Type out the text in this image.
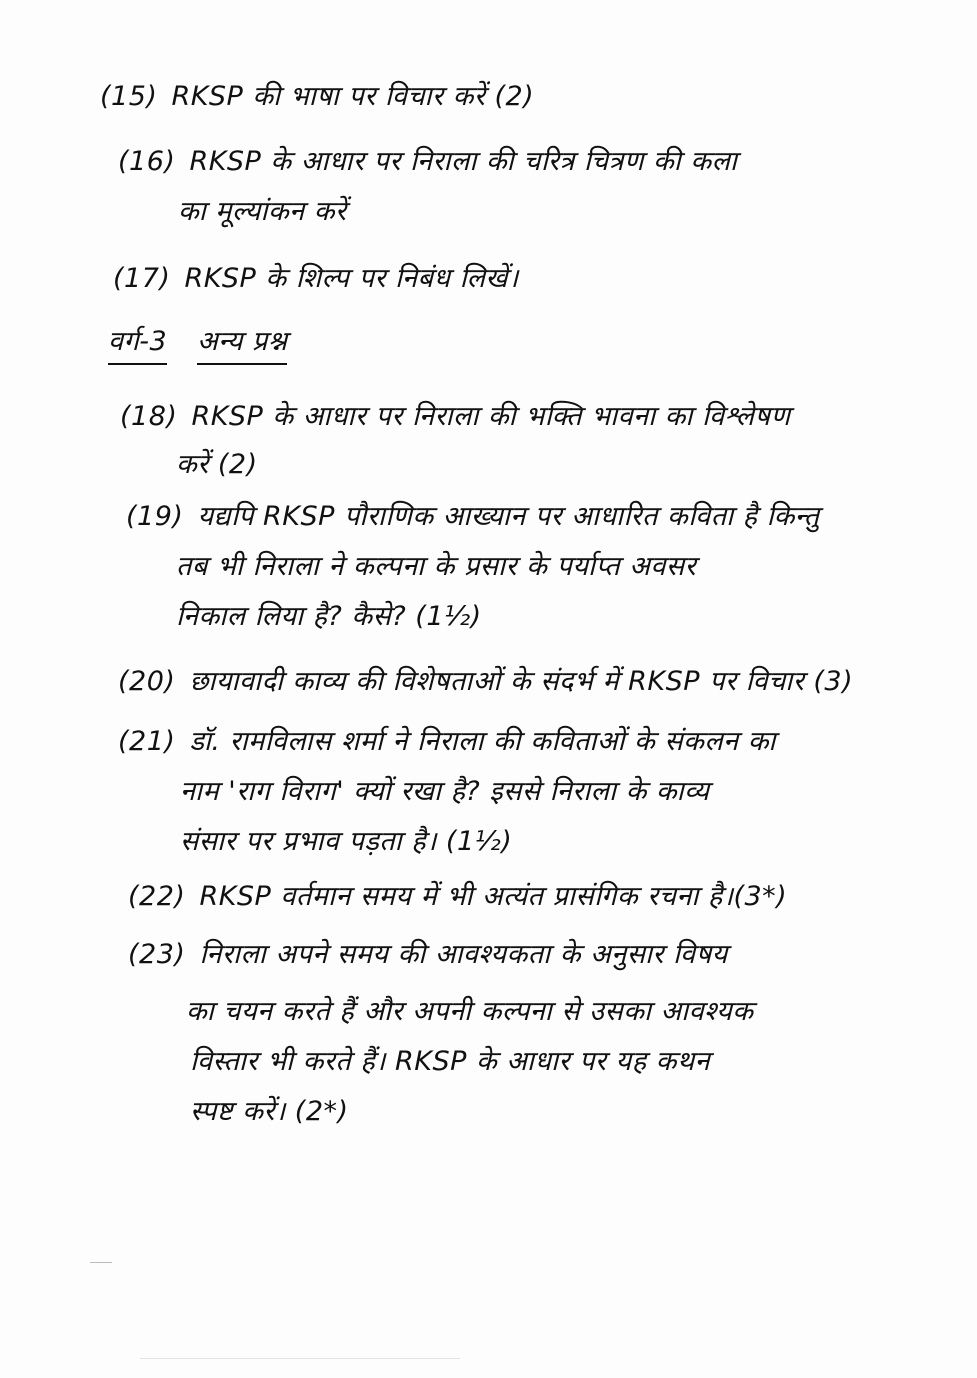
(15) RKSP की भाषा पर विचार करें (2)
(16) RKSP के आधार पर निराला की चरित्र चित्रण की कला
का मूल्यांकन करें
(17) RKSP के शिल्प पर निबंध लिखें।
वर्ग-3 अन्य प्रश्न
(18) RKSP के आधार पर निराला की भक्ति भावना का विश्लेषण
करें (2)
(19) यद्यपि RKSP पौराणिक आख्यान पर आधारित कविता है किन्तु
तब भी निराला ने कल्पना के प्रसार के पर्याप्त अवसर
निकाल लिया है? कैसे? (1½)
(20) छायावादी काव्य की विशेषताओं के संदर्भ में RKSP पर विचार (3)
(21) डॉ. रामविलास शर्मा ने निराला की कविताओं के संकलन का
नाम 'राग विराग' क्यों रखा है? इससे निराला के काव्य
संसार पर प्रभाव पड़ता है। (1½)
(22) RKSP वर्तमान समय में भी अत्यंत प्रासंगिक रचना है।(3*)
(23) निराला अपने समय की आवश्यकता के अनुसार विषय
का चयन करते हैं और अपनी कल्पना से उसका आवश्यक
विस्तार भी करते हैं। RKSP के आधार पर यह कथन
स्पष्ट करें। (2*)
